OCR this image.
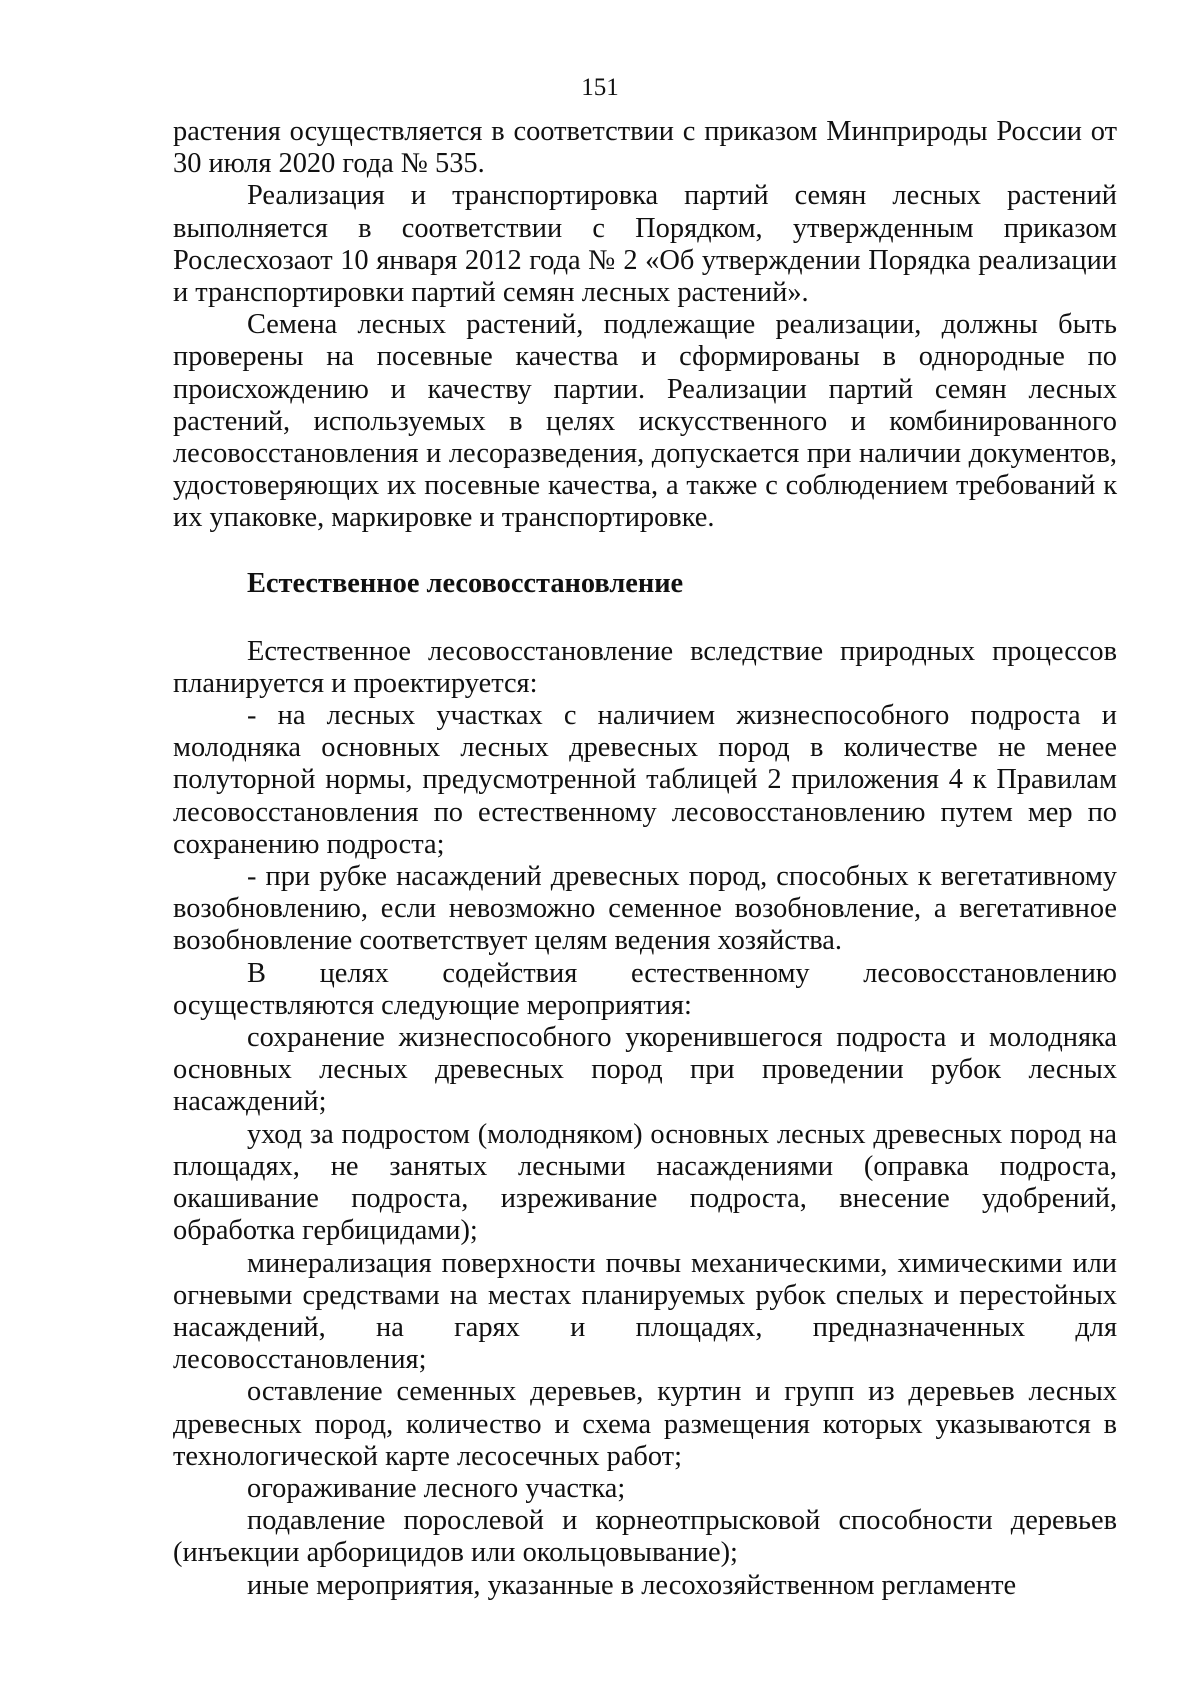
151

растения осуществляется в соответствии с приказом Минприроды России от 30 июля 2020 года № 535.

Реализация и транспортировка партий семян лесных растений выполняется в соответствии с Порядком, утвержденным приказом Рослесхозаот 10 января 2012 года № 2 «Об утверждении Порядка реализации и транспортировки партий семян лесных растений».

Семена лесных растений, подлежащие реализации, должны быть проверены на посевные качества и сформированы в однородные по происхождению и качеству партии. Реализации партий семян лесных растений, используемых в целях искусственного и комбинированного лесовосстановления и лесоразведения, допускается при наличии документов, удостоверяющих их посевные качества, а также с соблюдением требований к их упаковке, маркировке и транспортировке.

Естественное лесовосстановление

Естественное лесовосстановление вследствие природных процессов планируется и проектируется:

- на лесных участках с наличием жизнеспособного подроста и молодняка основных лесных древесных пород в количестве не менее полуторной нормы, предусмотренной таблицей 2 приложения 4 к Правилам лесовосстановления по естественному лесовосстановлению путем мер по сохранению подроста;

- при рубке насаждений древесных пород, способных к вегетативному возобновлению, если невозможно семенное возобновление, а вегетативное возобновление соответствует целям ведения хозяйства.

В целях содействия естественному лесовосстановлению осуществляются следующие мероприятия:

сохранение жизнеспособного укоренившегося подроста и молодняка основных лесных древесных пород при проведении рубок лесных насаждений;

уход за подростом (молодняком) основных лесных древесных пород на площадях, не занятых лесными насаждениями (оправка подроста, окашивание подроста, изреживание подроста, внесение удобрений, обработка гербицидами);

минерализация поверхности почвы механическими, химическими или огневыми средствами на местах планируемых рубок спелых и перестойных насаждений, на гарях и площадях, предназначенных для лесовосстановления;

оставление семенных деревьев, куртин и групп из деревьев лесных древесных пород, количество и схема размещения которых указываются в технологической карте лесосечных работ;

огораживание лесного участка;

подавление порослевой и корнеотпрысковой способности деревьев (инъекции арборицидов или окольцовывание);

иные мероприятия, указанные в лесохозяйственном регламенте
